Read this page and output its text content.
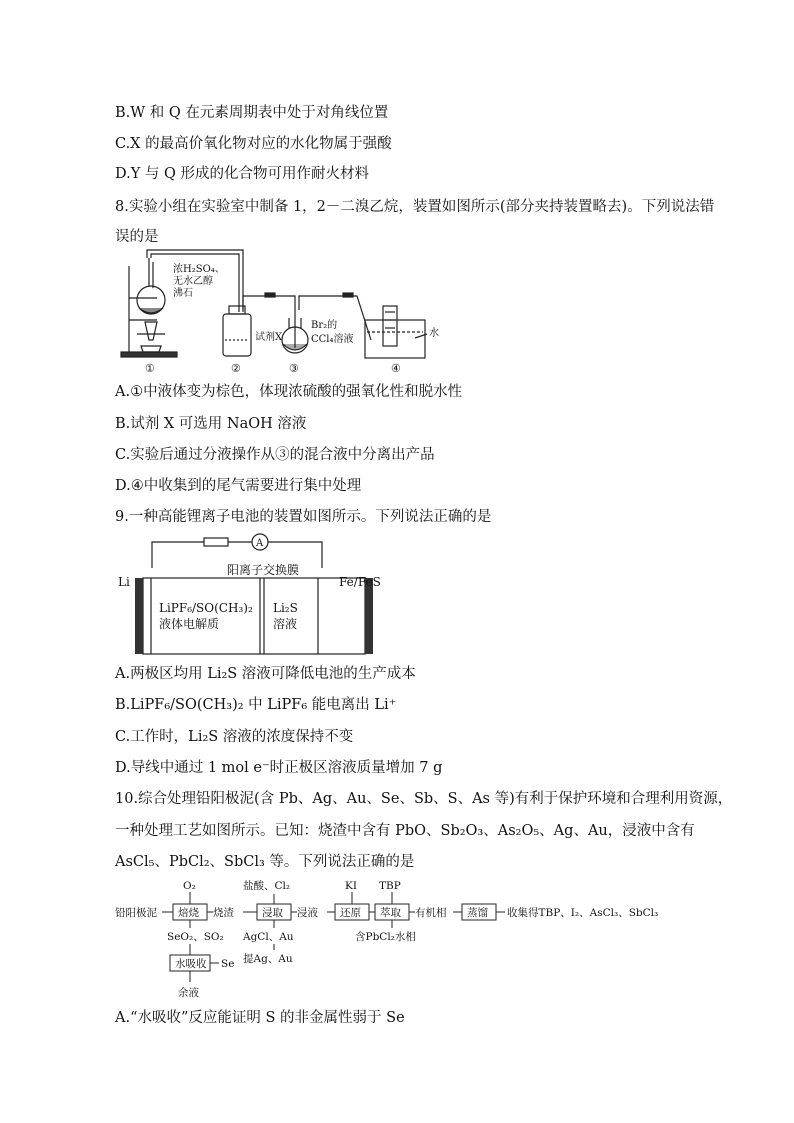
B.W 和 Q 在元素周期表中处于对角线位置
C.X 的最高价氧化物对应的水化物属于强酸
D.Y 与 Q 形成的化合物可用作耐火材料
8.实验小组在实验室中制备 1，2－二溴乙烷，装置如图所示(部分夹持装置略去)。下列说法错
误的是
浓H₂SO₄、
无水乙醇
沸石
试剂X
Br₂的
CCl₄溶液
水
①	②	③	④
A.①中液体变为棕色，体现浓硫酸的强氧化性和脱水性
B.试剂 X 可选用 NaOH 溶液
C.实验后通过分液操作从③的混合液中分离出产品
D.④中收集到的尾气需要进行集中处理
9.一种高能锂离子电池的装置如图所示。下列说法正确的是
A
阳离子交换膜
Li	Fe/FeS
LiPF₆/SO(CH₃)₂
液体电解质
Li₂S
溶液
A.两极区均用 Li₂S 溶液可降低电池的生产成本
B.LiPF₆/SO(CH₃)₂ 中 LiPF₆ 能电离出 Li⁺
C.工作时，Li₂S 溶液的浓度保持不变
D.导线中通过 1 mol e⁻时正极区溶液质量增加 7 g
10.综合处理铅阳极泥(含 Pb、Ag、Au、Se、Sb、S、As 等)有利于保护环境和合理利用资源，
一种处理工艺如图所示。已知：烧渣中含有 PbO、Sb₂O₃、As₂O₅、Ag、Au，浸液中含有
AsCl₅、PbCl₂、SbCl₃ 等。下列说法正确的是
铅阳极泥
O₂	盐酸、Cl₂	KI TBP
焙烧	浸取	还原 萃取	蒸馏
烧渣	浸液	有机相	收集得TBP、I₂、AsCl₃、SbCl₃
SeO₂、SO₂ AgCl、Au
提Ag、Au
含PbCl₂水相
水吸收 Se
余液
A.“水吸收”反应能证明 S 的非金属性弱于 Se
